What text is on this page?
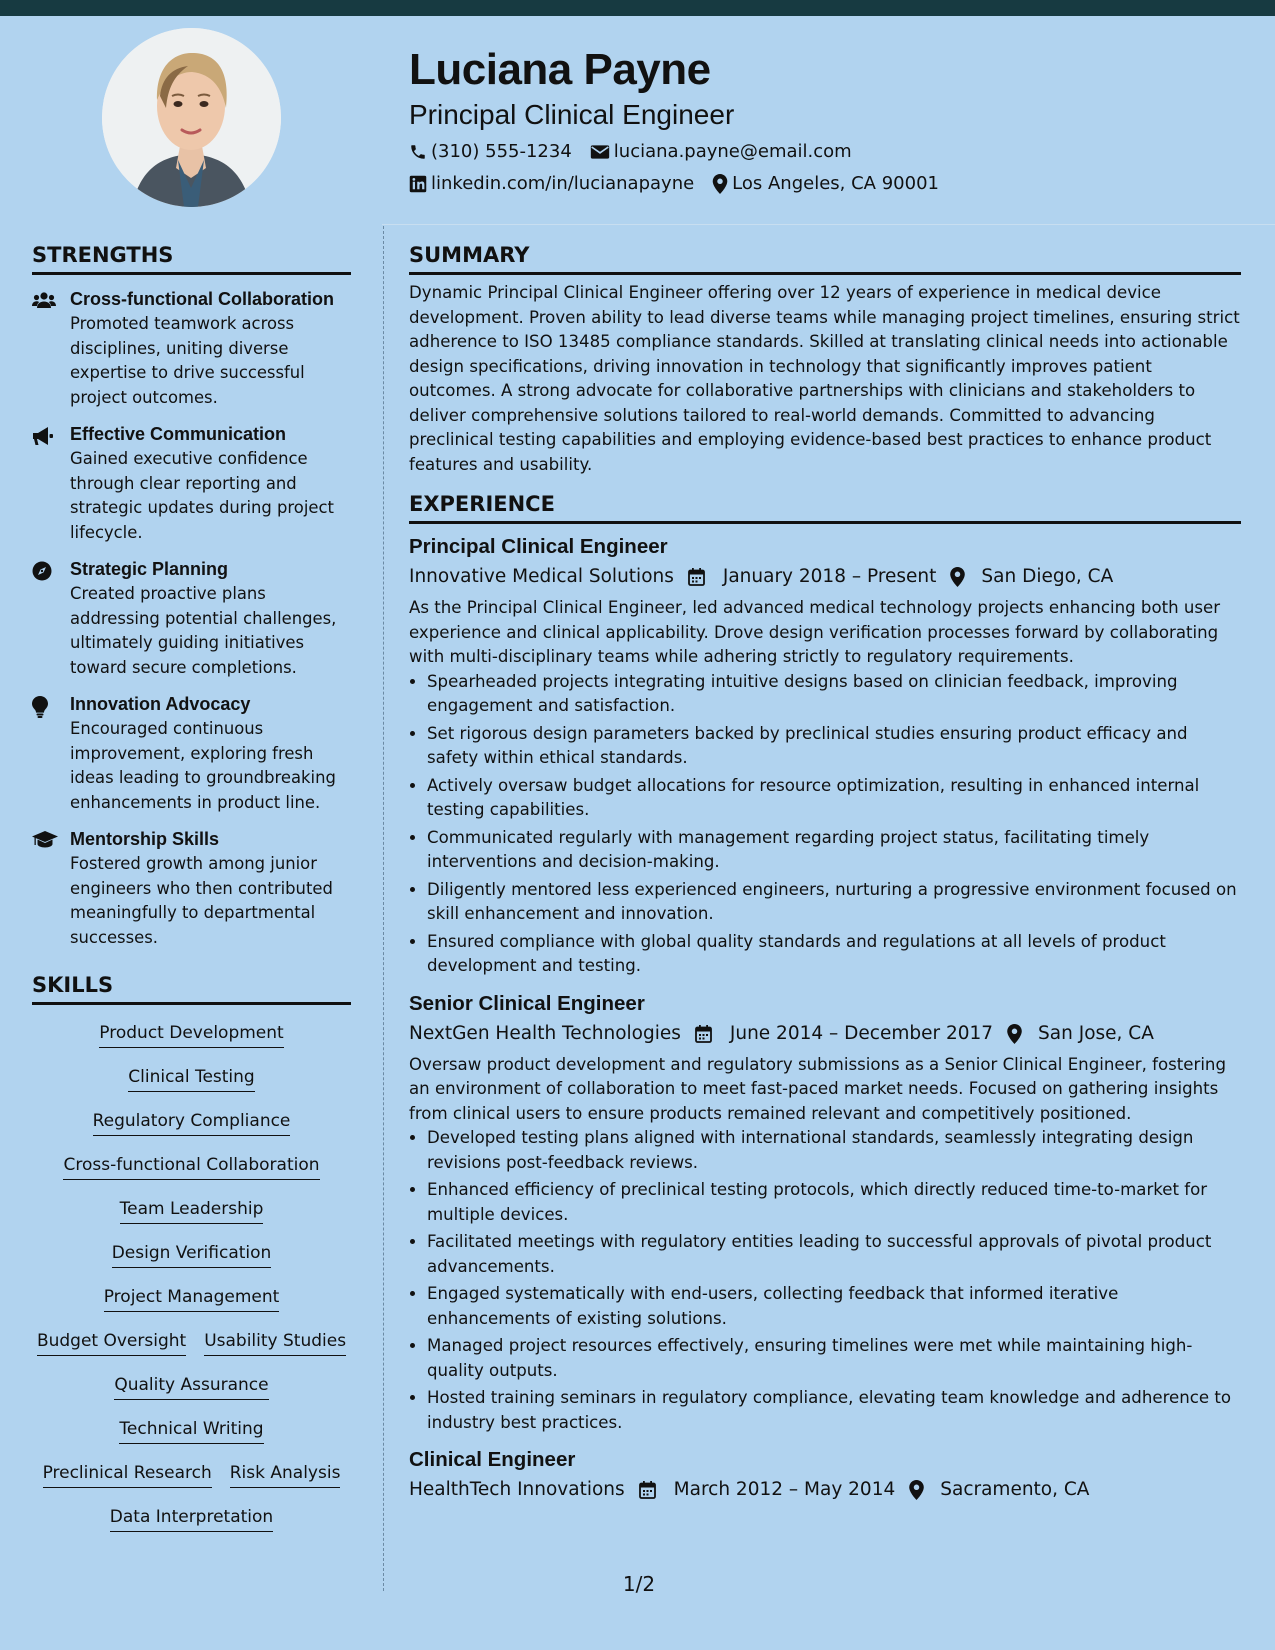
Luciana Payne
Principal Clinical Engineer
(310) 555-1234 luciana.payne@email.com
linkedin.com/in/lucianapayne Los Angeles, CA 90001
STRENGTHS
Cross-functional Collaboration
Promoted teamwork across disciplines, uniting diverse expertise to drive successful project outcomes.
Effective Communication
Gained executive confidence through clear reporting and strategic updates during project lifecycle.
Strategic Planning
Created proactive plans addressing potential challenges, ultimately guiding initiatives toward secure completions.
Innovation Advocacy
Encouraged continuous improvement, exploring fresh ideas leading to groundbreaking enhancements in product line.
Mentorship Skills
Fostered growth among junior engineers who then contributed meaningfully to departmental successes.
SKILLS
Product Development
Clinical Testing
Regulatory Compliance
Cross-functional Collaboration
Team Leadership
Design Verification
Project Management
Budget Oversight Usability Studies
Quality Assurance
Technical Writing
Preclinical Research Risk Analysis
Data Interpretation
SUMMARY

Dynamic Principal Clinical Engineer offering over 12 years of experience in medical device development. Proven ability to lead diverse teams while managing project timelines, ensuring strict adherence to ISO 13485 compliance standards. Skilled at translating clinical needs into actionable design specifications, driving innovation in technology that significantly improves patient outcomes. A strong advocate for collaborative partnerships with clinicians and stakeholders to deliver comprehensive solutions tailored to real-world demands. Committed to advancing preclinical testing capabilities and employing evidence-based best practices to enhance product features and usability.

EXPERIENCE
Principal Clinical Engineer
Innovative Medical Solutions	January 2018 – Present San Diego, CA

As the Principal Clinical Engineer, led advanced medical technology projects enhancing both user experience and clinical applicability. Drove design verification processes forward by collaborating with multi-disciplinary teams while adhering strictly to regulatory requirements.

• Spearheaded projects integrating intuitive designs based on clinician feedback, improving engagement and satisfaction.
• Set rigorous design parameters backed by preclinical studies ensuring product efficacy and safety within ethical standards.
• Actively oversaw budget allocations for resource optimization, resulting in enhanced internal testing capabilities.
• Communicated regularly with management regarding project status, facilitating timely interventions and decision-making.
• Diligently mentored less experienced engineers, nurturing a progressive environment focused on skill enhancement and innovation.
• Ensured compliance with global quality standards and regulations at all levels of product development and testing.
Senior Clinical Engineer
NextGen Health Technologies	June 2014 – December 2017 San Jose, CA

Oversaw product development and regulatory submissions as a Senior Clinical Engineer, fostering an environment of collaboration to meet fast-paced market needs. Focused on gathering insights from clinical users to ensure products remained relevant and competitively positioned.

• Developed testing plans aligned with international standards, seamlessly integrating design revisions post-feedback reviews.
• Enhanced efficiency of preclinical testing protocols, which directly reduced time-to-market for multiple devices.
• Facilitated meetings with regulatory entities leading to successful approvals of pivotal product advancements.
• Engaged systematically with end-users, collecting feedback that informed iterative enhancements of existing solutions.
• Managed project resources effectively, ensuring timelines were met while maintaining high-quality outputs.
• Hosted training seminars in regulatory compliance, elevating team knowledge and adherence to industry best practices.
Clinical Engineer
HealthTech Innovations	March 2012 – May 2014 Sacramento, CA
1/2
